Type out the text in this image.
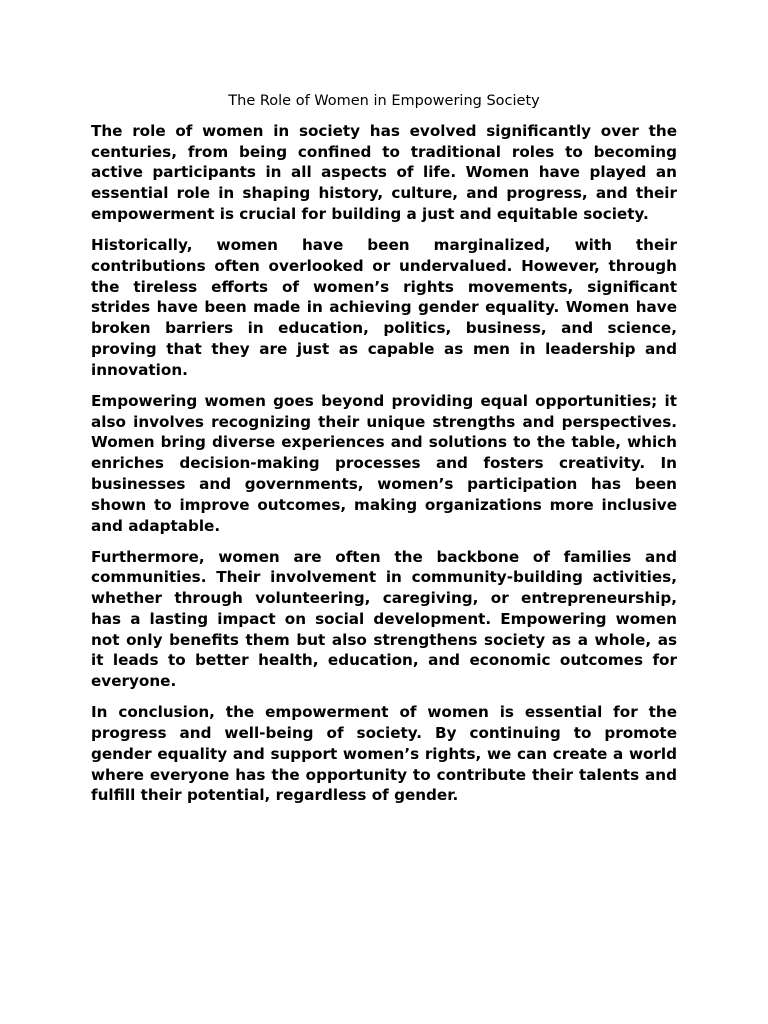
The Role of Women in Empowering Society

The role of women in society has evolved significantly over the centuries, from being confined to traditional roles to becoming active participants in all aspects of life. Women have played an essential role in shaping history, culture, and progress, and their empowerment is crucial for building a just and equitable society.

Historically, women have been marginalized, with their contributions often overlooked or undervalued. However, through the tireless efforts of women’s rights movements, significant strides have been made in achieving gender equality. Women have broken barriers in education, politics, business, and science, proving that they are just as capable as men in leadership and innovation.

Empowering women goes beyond providing equal opportunities; it also involves recognizing their unique strengths and perspectives. Women bring diverse experiences and solutions to the table, which enriches decision-making processes and fosters creativity. In businesses and governments, women’s participation has been shown to improve outcomes, making organizations more inclusive and adaptable.

Furthermore, women are often the backbone of families and communities. Their involvement in community-building activities, whether through volunteering, caregiving, or entrepreneurship, has a lasting impact on social development. Empowering women not only benefits them but also strengthens society as a whole, as it leads to better health, education, and economic outcomes for everyone.

In conclusion, the empowerment of women is essential for the progress and well-being of society. By continuing to promote gender equality and support women’s rights, we can create a world where everyone has the opportunity to contribute their talents and fulfill their potential, regardless of gender.
